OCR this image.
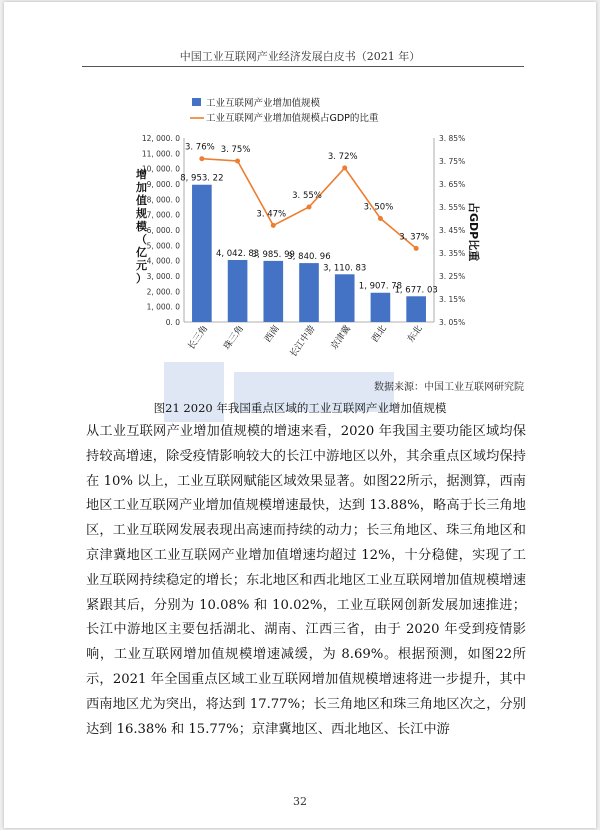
中国工业互联网产业经济发展白皮书（2021 年）
工业互联网产业增加值规模
工业互联网产业增加值规模占GDP的比重
0. 0
1, 000. 0
2, 000. 0
3, 000. 0
4, 000. 0
5, 000. 0
6, 000. 0
7, 000. 0
8, 000. 0
9, 000. 0
10, 000. 0
11, 000. 0
12, 000. 0
3. 05%
3. 15%
3. 25%
3. 35%
3. 45%
3. 55%
3. 65%
3. 75%
3. 85%
增加值规模（亿元）
占GDP比重
8, 953. 22
长三角
4, 042. 83
珠三角
3, 985. 99
西南
3, 840. 96
长江中游
3, 110. 83
京津冀
1, 907. 78
西北
1, 677. 03
东北
3. 76% 3. 75%
3. 47%
3. 55%
3. 72%
3. 50%
3. 37%
数据来源：中国工业互联网研究院
图21 2020 年我国重点区域的工业互联网产业增加值规模

从工业互联网产业增加值规模的增速来看，2020 年我国主要功能区域均保持较高增速，除受疫情影响较大的长江中游地区以外，其余重点区域均保持在 10% 以上，工业互联网赋能区域效果显著。如图22所示，据测算，西南地区工业互联网产业增加值规模增速最快，达到 13.88%，略高于长三角地区，工业互联网发展表现出高速而持续的动力；长三角地区、珠三角地区和京津冀地区工业互联网产业增加值增速均超过 12%，十分稳健，实现了工业互联网持续稳定的增长；东北地区和西北地区工业互联网增加值规模增速紧跟其后，分别为 10.08% 和 10.02%，工业互联网创新发展加速推进；长江中游地区主要包括湖北、湖南、江西三省，由于 2020 年受到疫情影响，工业互联网增加值规模增速减缓，为 8.69%。根据预测，如图22所示，2021 年全国重点区域工业互联网增加值规模增速将进一步提升，其中西南地区尤为突出，将达到 17.77%；长三角地区和珠三角地区次之，分别达到 16.38% 和 15.77%；京津冀地区、西北地区、长江中游

32
